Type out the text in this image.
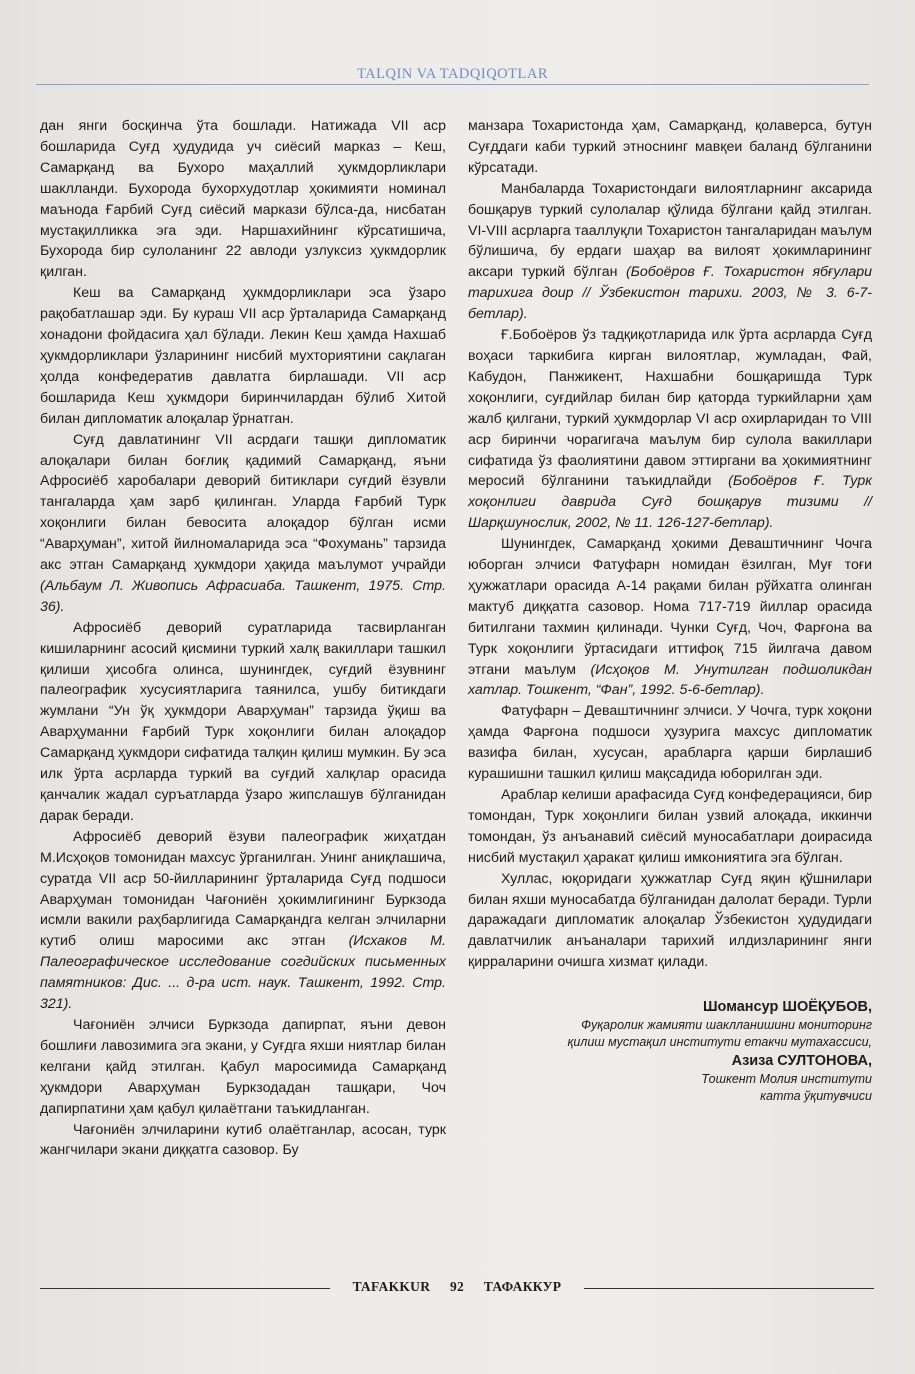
TALQIN VA TADQIQOTLAR

дан янги босқинча ўта бошлади. Натижада VII аср бошларида Суғд ҳудудида уч сиёсий марказ – Кеш, Самарқанд ва Бухоро маҳаллий ҳукмдорликлари шаклланди. Бухорода бухорхудотлар ҳокимияти номинал маънода Ғарбий Суғд сиёсий маркази бўлса-да, нисбатан мустақилликка эга эди. Наршахийнинг кўрсатишича, Бухорода бир сулоланинг 22 авлоди узлуксиз ҳукмдорлик қилган.

Кеш ва Самарқанд ҳукмдорликлари эса ўзаро рақобатлашар эди. Бу кураш VII аср ўрталарида Самарқанд хонадони фойдасига ҳал бўлади. Лекин Кеш ҳамда Нахшаб ҳукмдорликлари ўзларининг нисбий мухториятини сақлаган ҳолда конфедератив давлатга бирлашади. VII аср бошларида Кеш ҳукмдори биринчилардан бўлиб Хитой билан дипломатик алоқалар ўрнатган.

Суғд давлатининг VII асрдаги ташқи дипломатик алоқалари билан боғлиқ қадимий Самарқанд, яъни Афросиёб харобалари деворий битиклари суғдий ёзувли тангаларда ҳам зарб қилинган. Уларда Ғарбий Турк хоқонлиги билан бевосита алоқадор бўлган исми “Аварҳуман”, хитой йилномаларида эса “Фохумань” тарзида акс этган Самарқанд ҳукмдори ҳақида маълумот учрайди (Альбаум Л. Живопись Афрасиаба. Ташкент, 1975. Стр. 36).

Афросиёб деворий суратларида тасвирланган кишиларнинг асосий қисмини туркий халқ вакиллари ташкил қилиши ҳисобга олинса, шунингдек, суғдий ёзувнинг палеографик хусусиятларига таянилса, ушбу битикдаги жумлани “Ун ўқ ҳукмдори Аварҳуман” тарзида ўқиш ва Аварҳуманни Ғарбий Турк хоқонлиги билан алоқадор Самарқанд ҳукмдори сифатида талқин қилиш мумкин. Бу эса илк ўрта асрларда туркий ва суғдий халқлар орасида қанчалик жадал суръатларда ўзаро жипслашув бўлганидан дарак беради.

Афросиёб деворий ёзуви палеографик жиҳатдан М.Исҳоқов томонидан махсус ўрганилган. Унинг аниқлашича, суратда VII аср 50-йилларининг ўрталарида Суғд подшоси Аварҳуман томонидан Чағониён ҳокимлигининг Буркзода исмли вакили раҳбарлигида Самарқандга келган элчиларни кутиб олиш маросими акс этган (Исхаков М. Палеографическое исследование согдийских письменных памятников: Дис. ... д-ра ист. наук. Ташкент, 1992. Стр. 321).

Чағониён элчиси Буркзода дапирпат, яъни девон бошлиғи лавозимига эга экани, у Суғдга яхши ниятлар билан келгани қайд этилган. Қабул маросимида Самарқанд ҳукмдори Аварҳуман Буркзодадан ташқари, Чоч дапирпатини ҳам қабул қилаётгани таъкидланган.

Чағониён элчиларини кутиб олаётганлар, асосан, турк жангчилари экани диққатга сазовор. Бу

манзара Тохаристонда ҳам, Самарқанд, қолаверса, бутун Суғддаги каби туркий этноснинг мавқеи баланд бўлганини кўрсатади.

Манбаларда Тохаристондаги вилоятларнинг аксарида бошқарув туркий сулолалар қўлида бўлгани қайд этилган. VI-VIII асрларга тааллуқли Тохаристон тангаларидан маълум бўлишича, бу ердаги шаҳар ва вилоят ҳокимларининг аксари туркий бўлган (Бобоёров Ғ. Тохаристон ябғулари тарихига доир // Ўзбекистон тарихи. 2003, № 3. 6-7-бетлар).

Ғ.Бобоёров ўз тадқиқотларида илк ўрта асрларда Суғд воҳаси таркибига кирган вилоятлар, жумладан, Фай, Кабудон, Панжикент, Нахшабни бошқаришда Турк хоқонлиги, суғдийлар билан бир қаторда туркийларни ҳам жалб қилгани, туркий ҳукмдорлар VI аср охирларидан то VIII аср биринчи чорагигача маълум бир сулола вакиллари сифатида ўз фаолиятини давом эттиргани ва ҳокимиятнинг меросий бўлганини таъкидлайди (Бобоёров Ғ. Турк хоқонлиги даврида Суғд бошқарув тизими // Шарқшунослик, 2002, № 11. 126-127-бетлар).

Шунингдек, Самарқанд ҳокими Деваштичнинг Чочга юборган элчиси Фатуфарн номидан ёзилган, Муғ тоғи ҳужжатлари орасида А-14 рақами билан рўйхатга олинган мактуб диққатга сазовор. Нома 717-719 йиллар орасида битилгани тахмин қилинади. Чунки Суғд, Чоч, Фарғона ва Турк хоқонлиги ўртасидаги иттифоқ 715 йилгача давом этгани маълум (Исҳоқов М. Унутилган подшоликдан хатлар. Тошкент, “Фан”, 1992. 5-6-бетлар).

Фатуфарн – Деваштичнинг элчиси. У Чочга, турк хоқони ҳамда Фарғона подшоси ҳузурига махсус дипломатик вазифа билан, хусусан, арабларга қарши бирлашиб курашишни ташкил қилиш мақсадида юборилган эди.

Араблар келиши арафасида Суғд конфедерацияси, бир томондан, Турк хоқонлиги билан узвий алоқада, иккинчи томондан, ўз анъанавий сиёсий муносабатлари доирасида нисбий мустақил ҳаракат қилиш имкониятига эга бўлган.

Хуллас, юқоридаги ҳужжатлар Суғд яқин қўшнилари билан яхши муносабатда бўлганидан далолат беради. Турли даражадаги дипломатик алоқалар Ўзбекистон ҳудудидаги давлатчилик анъаналари тарихий илдизларининг янги қирраларини очишга хизмат қилади.

Шомансур ШОЁҚУБОВ,
Фуқаролик жамияти шаклланишини мониторинг
қилиш мустақил институти етакчи мутахассиси,
Азиза СУЛТОНОВА,
Тошкент Молия институти
катта ўқитувчиси
TAFAKKUR 92 ТАФАККУР
